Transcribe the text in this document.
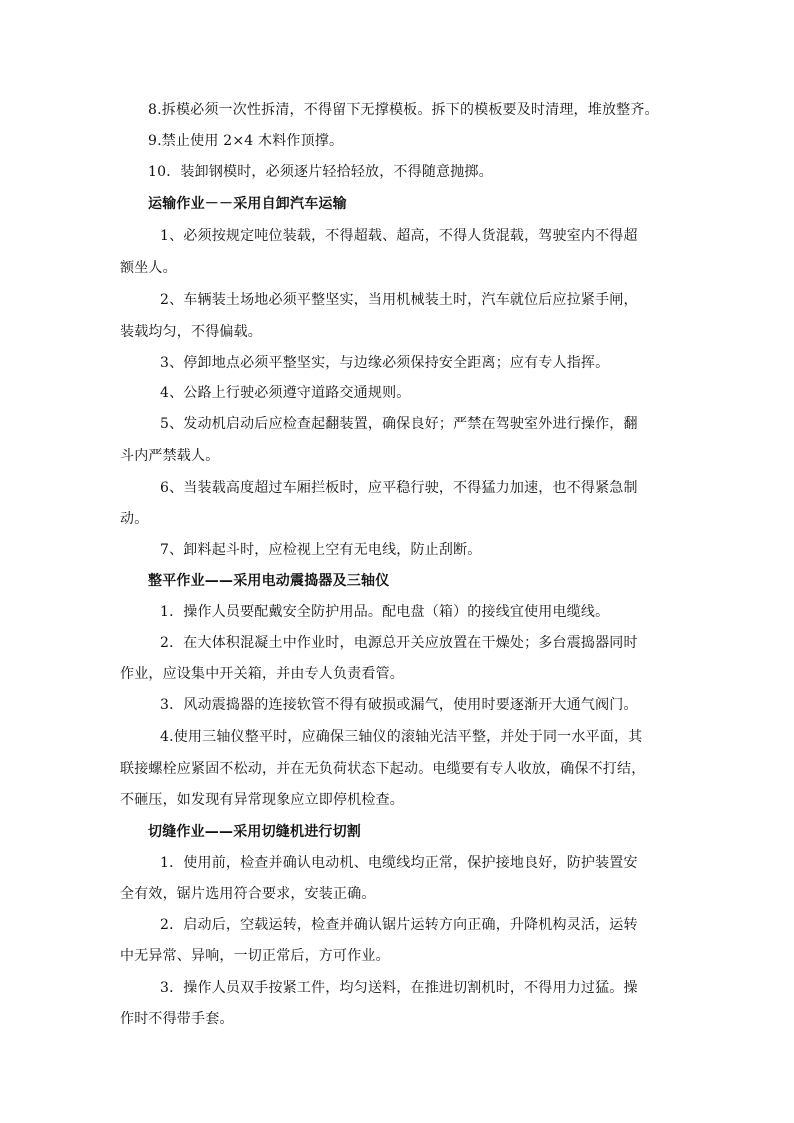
8.拆模必须一次性拆清，不得留下无撑模板。拆下的模板要及时清理，堆放整齐。
9.禁止使用 2×4 木料作顶撑。
10．装卸钢模时，必须逐片轻拾轻放，不得随意抛掷。
运输作业－－采用自卸汽车运输
1、必须按规定吨位装载，不得超载、超高，不得人货混载，驾驶室内不得超
额坐人。
2、车辆装土场地必须平整坚实，当用机械装土时，汽车就位后应拉紧手闸，
装载均匀，不得偏载。
3、停卸地点必须平整坚实，与边缘必须保持安全距离；应有专人指挥。
4、公路上行驶必须遵守道路交通规则。
5、发动机启动后应检查起翻装置，确保良好；严禁在驾驶室外进行操作，翻
斗内严禁载人。
6、当装载高度超过车厢拦板时，应平稳行驶，不得猛力加速，也不得紧急制
动。
7、卸料起斗时，应检视上空有无电线，防止刮断。
整平作业——采用电动震捣器及三轴仪
1．操作人员要配戴安全防护用品。配电盘（箱）的接线宜使用电缆线。
2．在大体积混凝土中作业时，电源总开关应放置在干燥处；多台震捣器同时
作业，应设集中开关箱，并由专人负责看管。
3．风动震捣器的连接软管不得有破损或漏气，使用时要逐渐开大通气阀门。
4.使用三轴仪整平时，应确保三轴仪的滚轴光洁平整，并处于同一水平面，其
联接螺栓应紧固不松动，并在无负荷状态下起动。电缆要有专人收放，确保不打结，
不砸压，如发现有异常现象应立即停机检查。
切缝作业——采用切缝机进行切割
1．使用前，检查并确认电动机、电缆线均正常，保护接地良好，防护装置安
全有效，锯片选用符合要求，安装正确。
2．启动后，空载运转，检查并确认锯片运转方向正确，升降机构灵活，运转
中无异常、异响，一切正常后，方可作业。
3．操作人员双手按紧工件，均匀送料，在推进切割机时，不得用力过猛。操
作时不得带手套。
